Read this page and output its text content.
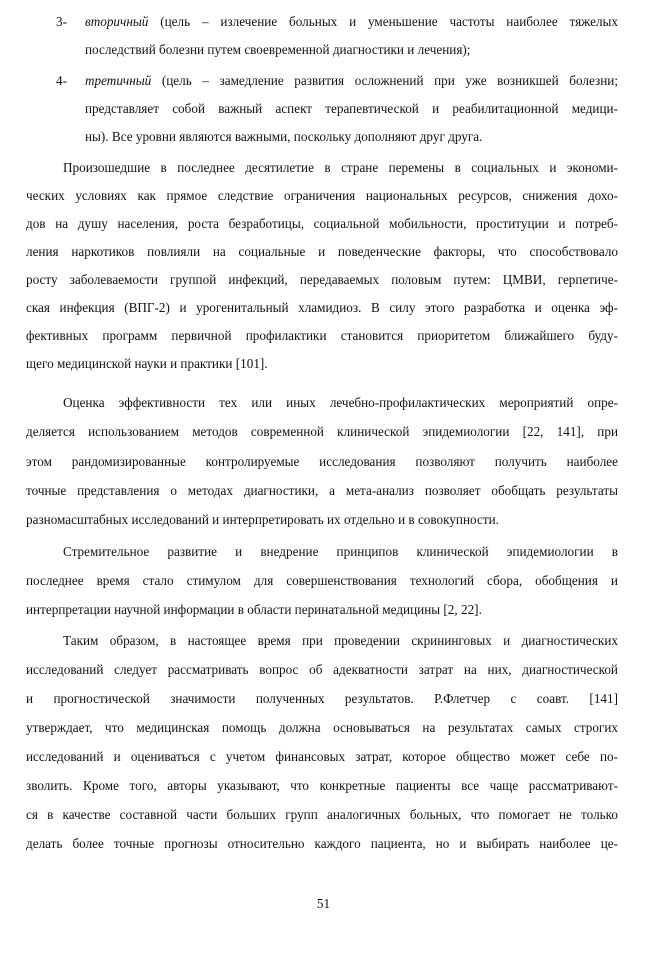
3- вторичный (цель – излечение больных и уменьшение частоты наиболее тяжелых
последствий болезни путем своевременной диагностики и лечения);
4- третичный (цель – замедление развития осложнений при уже возникшей болезни;
представляет собой важный аспект терапевтической и реабилитационной медици-
ны). Все уровни являются важными, поскольку дополняют друг друга.
Произошедшие в последнее десятилетие в стране перемены в социальных и экономи-
ческих условиях как прямое следствие ограничения национальных ресурсов, снижения дохо-
дов на душу населения, роста безработицы, социальной мобильности, проституции и потреб-
ления наркотиков повлияли на социальные и поведенческие факторы, что способствовало
росту заболеваемости группой инфекций, передаваемых половым путем: ЦМВИ, герпетиче-
ская инфекция (ВПГ-2) и урогенитальный хламидиоз. В силу этого разработка и оценка эф-
фективных программ первичной профилактики становится приоритетом ближайшего буду-
щего медицинской науки и практики [101].
Оценка эффективности тех или иных лечебно-профилактических мероприятий опре-
деляется использованием методов современной клинической эпидемиологии [22, 141], при
этом рандомизированные контролируемые исследования позволяют получить наиболее
точные представления о методах диагностики, а мета-анализ позволяет обобщать результаты
разномасштабных исследований и интерпретировать их отдельно и в совокупности.
Стремительное развитие и внедрение принципов клинической эпидемиологии в
последнее время стало стимулом для совершенствования технологий сбора, обобщения и
интерпретации научной информации в области перинатальной медицины [2, 22].
Таким образом, в настоящее время при проведении скрининговых и диагностических
исследований следует рассматривать вопрос об адекватности затрат на них, диагностической
и прогностической значимости полученных результатов. Р.Флетчер с соавт. [141]
утверждает, что медицинская помощь должна основываться на результатах самых строгих
исследований и оцениваться с учетом финансовых затрат, которое общество может себе по-
зволить. Кроме того, авторы указывают, что конкретные пациенты все чаще рассматривают-
ся в качестве составной части больших групп аналогичных больных, что помогает не только
делать более точные прогнозы относительно каждого пациента, но и выбирать наиболее це-
51
